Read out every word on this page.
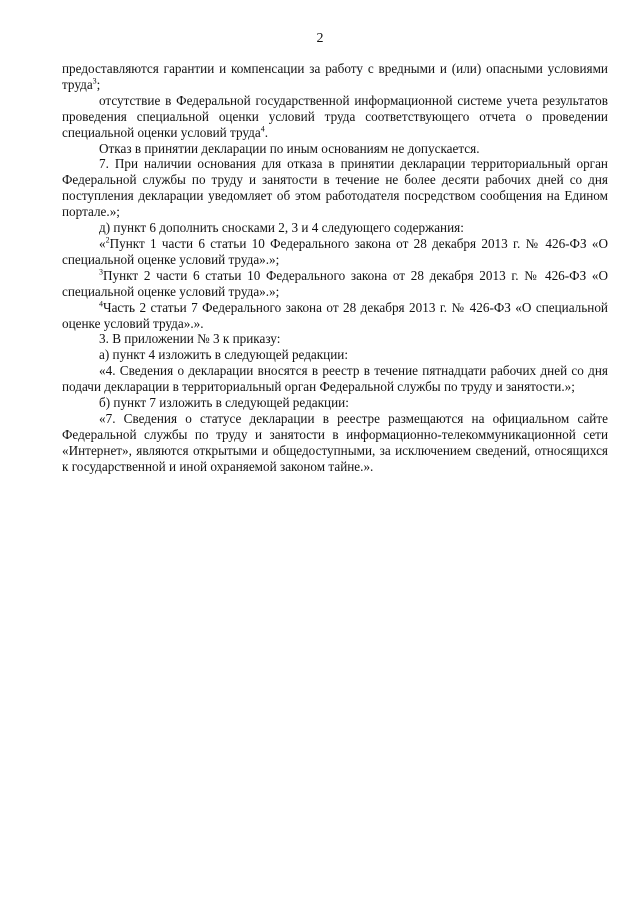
2

предоставляются гарантии и компенсации за работу с вредными и (или) опасными условиями труда$^3$;

отсутствие в Федеральной государственной информационной системе учета результатов проведения специальной оценки условий труда соответствующего отчета о проведении специальной оценки условий труда$^4$.

Отказ в принятии декларации по иным основаниям не допускается.

7. При наличии основания для отказа в принятии декларации территориальный орган Федеральной службы по труду и занятости в течение не более десяти рабочих дней со дня поступления декларации уведомляет об этом работодателя посредством сообщения на Едином портале.»;

д) пункт 6 дополнить сносками 2, 3 и 4 следующего содержания:

«$^2$Пункт 1 части 6 статьи 10 Федерального закона от 28 декабря 2013 г. № 426-ФЗ «О специальной оценке условий труда».»;

$^3$Пункт 2 части 6 статьи 10 Федерального закона от 28 декабря 2013 г. № 426-ФЗ «О специальной оценке условий труда».»;

$^4$Часть 2 статьи 7 Федерального закона от 28 декабря 2013 г. № 426-ФЗ «О специальной оценке условий труда».».

3. В приложении № 3 к приказу:

а) пункт 4 изложить в следующей редакции:

«4. Сведения о декларации вносятся в реестр в течение пятнадцати рабочих дней со дня подачи декларации в территориальный орган Федеральной службы по труду и занятости.»;

б) пункт 7 изложить в следующей редакции:

«7. Сведения о статусе декларации в реестре размещаются на официальном сайте Федеральной службы по труду и занятости в информационно-телекоммуникационной сети «Интернет», являются открытыми и общедоступными, за исключением сведений, относящихся к государственной и иной охраняемой законом тайне.».
